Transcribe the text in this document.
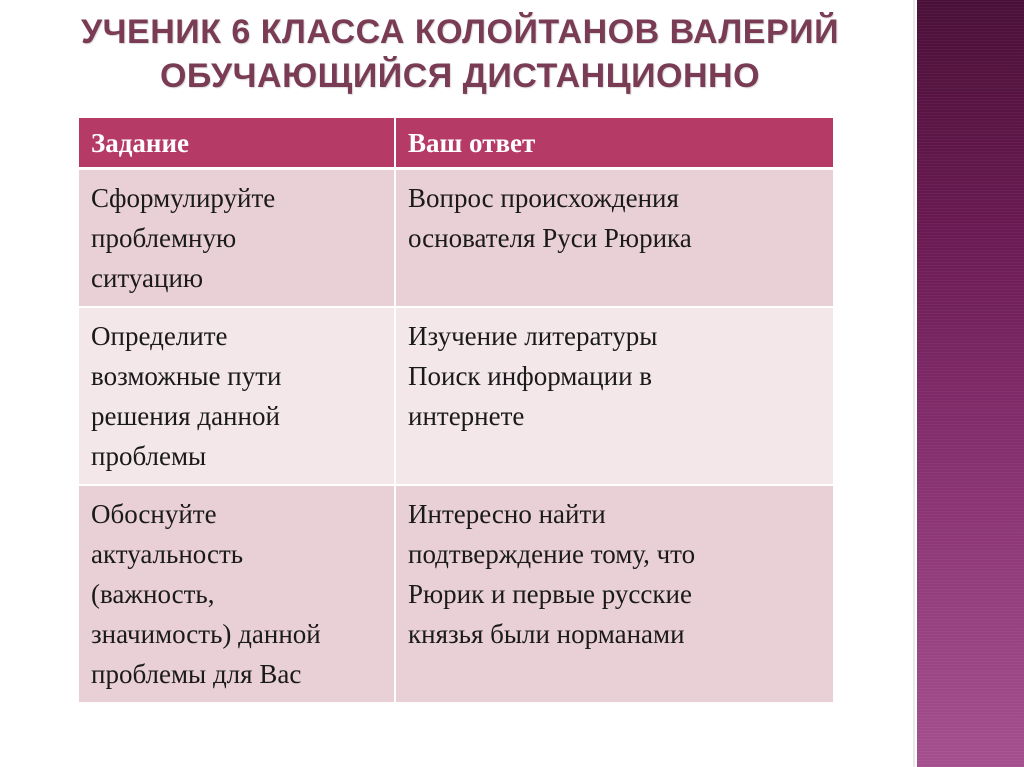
УЧЕНИК 6 КЛАССА КОЛОЙТАНОВ ВАЛЕРИЙ
ОБУЧАЮЩИЙСЯ ДИСТАНЦИОННО
Задание	Ваш ответ

Сформулируйте
проблемную
ситуацию	Вопрос происхождения
основателя Руси Рюрика

Определите
возможные пути
решения данной
проблемы	Изучение литературы
Поиск информации в
интернете

Обоснуйте
актуальность
(важность,
значимость) данной
проблемы для Вас	Интересно найти
подтверждение тому, что
Рюрик и первые русские
князья были норманами
